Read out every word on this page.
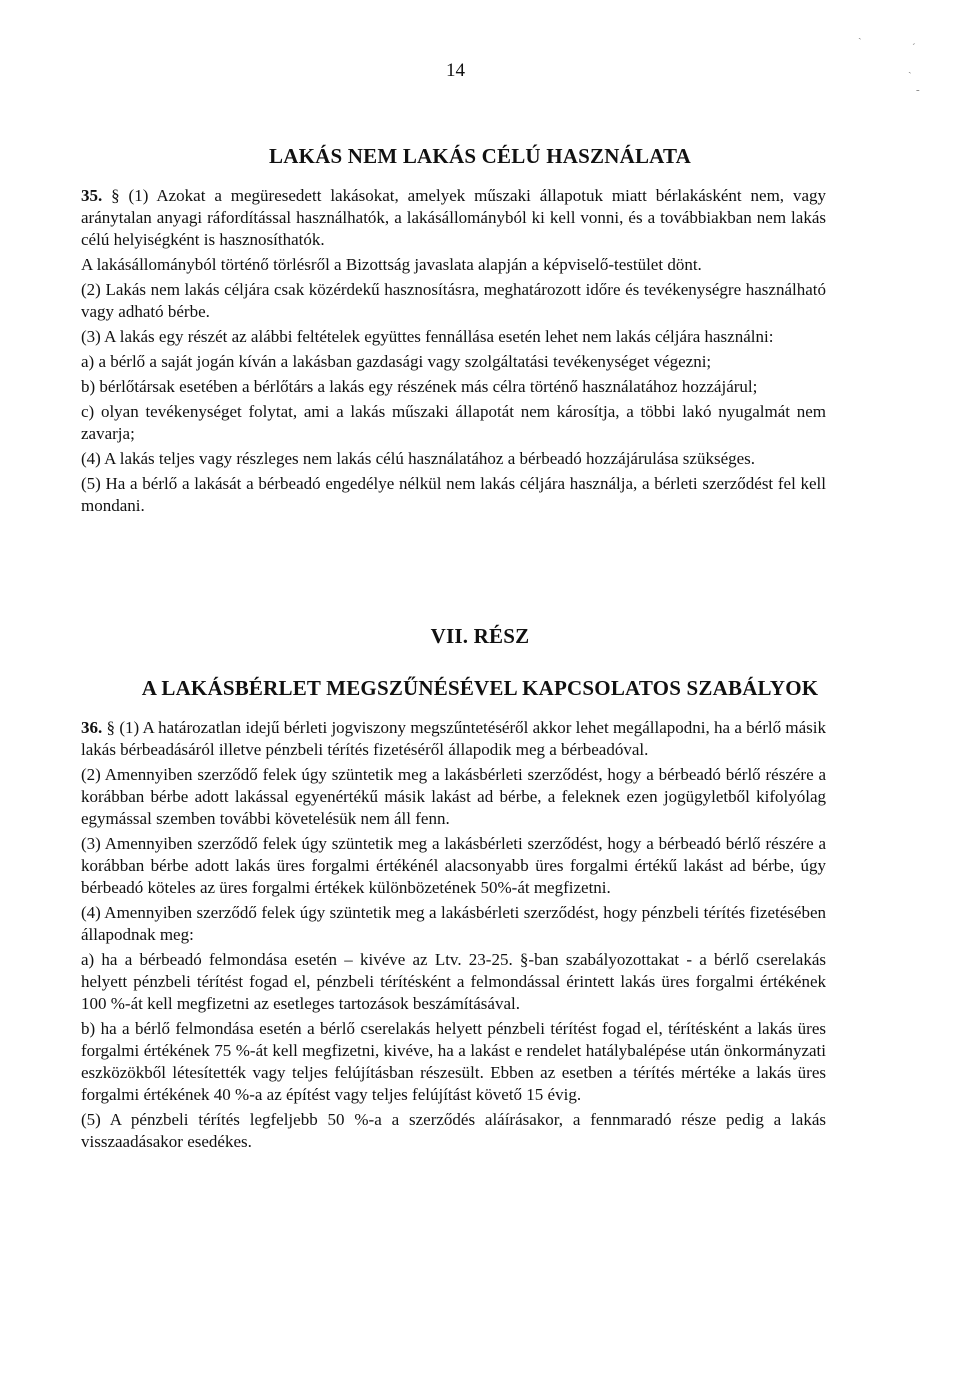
14
LAKÁS NEM LAKÁS CÉLÚ HASZNÁLATA

35. § (1) Azokat a megüresedett lakásokat, amelyek műszaki állapotuk miatt bérlakásként nem, vagy aránytalan anyagi ráfordítással használhatók, a lakásállományból ki kell vonni, és a továbbiakban nem lakás célú helyiségként is hasznosíthatók.

A lakásállományból történő törlésről a Bizottság javaslata alapján a képviselő-testület dönt.

(2) Lakás nem lakás céljára csak közérdekű hasznosításra, meghatározott időre és tevékenységre használható vagy adható bérbe.

(3) A lakás egy részét az alábbi feltételek együttes fennállása esetén lehet nem lakás céljára használni:

a) a bérlő a saját jogán kíván a lakásban gazdasági vagy szolgáltatási tevékenységet végezni;

b) bérlőtársak esetében a bérlőtárs a lakás egy részének más célra történő használatához hozzájárul;

c) olyan tevékenységet folytat, ami a lakás műszaki állapotát nem károsítja, a többi lakó nyugalmát nem zavarja;

(4) A lakás teljes vagy részleges nem lakás célú használatához a bérbeadó hozzájárulása szükséges.

(5) Ha a bérlő a lakását a bérbeadó engedélye nélkül nem lakás céljára használja, a bérleti szerződést fel kell mondani.

VII. RÉSZ
A LAKÁSBÉRLET MEGSZŰNÉSÉVEL KAPCSOLATOS SZABÁLYOK

36. § (1) A határozatlan idejű bérleti jogviszony megszűntetéséről akkor lehet megállapodni, ha a bérlő másik lakás bérbeadásáról illetve pénzbeli térítés fizetéséről állapodik meg a bérbeadóval.

(2) Amennyiben szerződő felek úgy szüntetik meg a lakásbérleti szerződést, hogy a bérbeadó bérlő részére a korábban bérbe adott lakással egyenértékű másik lakást ad bérbe, a feleknek ezen jogügyletből kifolyólag egymással szemben további követelésük nem áll fenn.

(3) Amennyiben szerződő felek úgy szüntetik meg a lakásbérleti szerződést, hogy a bérbeadó bérlő részére a korábban bérbe adott lakás üres forgalmi értékénél alacsonyabb üres forgalmi értékű lakást ad bérbe, úgy bérbeadó köteles az üres forgalmi értékek különbözetének 50%-át megfizetni.

(4) Amennyiben szerződő felek úgy szüntetik meg a lakásbérleti szerződést, hogy pénzbeli térítés fizetésében állapodnak meg:

a) ha a bérbeadó felmondása esetén – kivéve az Ltv. 23-25. §-ban szabályozottakat - a bérlő cserelakás helyett pénzbeli térítést fogad el, pénzbeli térítésként a felmondással érintett lakás üres forgalmi értékének 100 %-át kell megfizetni az esetleges tartozások beszámításával.

b) ha a bérlő felmondása esetén a bérlő cserelakás helyett pénzbeli térítést fogad el, térítésként a lakás üres forgalmi értékének 75 %-át kell megfizetni, kivéve, ha a lakást e rendelet hatálybalépése után önkormányzati eszközökből létesítették vagy teljes felújításban részesült. Ebben az esetben a térítés mértéke a lakás üres forgalmi értékének 40 %-a az építést vagy teljes felújítást követő 15 évig.

(5) A pénzbeli térítés legfeljebb 50 %-a a szerződés aláírásakor, a fennmaradó része pedig a lakás visszaadásakor esedékes.

ˏ
ˊ
ˎ
-
